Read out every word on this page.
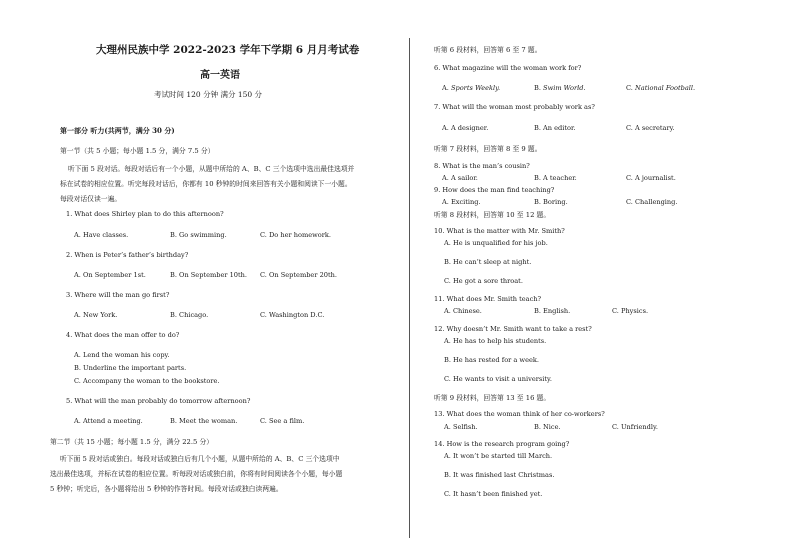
大理州民族中学 2022-2023 学年下学期 6 月月考试卷
高一英语
考试时间 120 分钟 满分 150 分
第一部分 听力(共两节，满分 30 分)
第一节（共 5 小题；每小题 1.5 分，满分 7.5 分）
听下面 5 段对话。每段对话后有一个小题，从题中所给的 A、B、C 三个选项中选出最佳选项并
标在试卷的相应位置。听完每段对话后，你都有 10 秒钟的时间来回答有关小题和阅读下一小题。
每段对话仅读一遍。
1. What does Shirley plan to do this afternoon?
A. Have classes.	B. Go swimming.	C. Do her homework.
2. When is Peter’s father’s birthday?
A. On September 1st.	B. On September 10th. C. On September 20th.
3. Where will the man go first?
A. New York.	B. Chicago.	C. Washington D.C.
4. What does the man offer to do?
A. Lend the woman his copy.
B. Underline the important parts.
C. Accompany the woman to the bookstore.
5. What will the man probably do tomorrow afternoon?
A. Attend a meeting.	B. Meet the woman.	C. See a film.
第二节（共 15 小题；每小题 1.5 分，满分 22.5 分）
听下面 5 段对话或独白。每段对话或独白后有几个小题，从题中所给的 A、B、C 三个选项中
选出最佳选项，并标在试卷的相应位置。听每段对话或独白前，你将有时间阅读各个小题，每小题
5 秒钟；听完后，各小题将给出 5 秒钟的作答时间。每段对话或独白读两遍。
听第 6 段材料，回答第 6 至 7 题。
6. What magazine will the woman work for?
A. Sports Weekly.	B. Swim World.	C. National Football.
7. What will the woman most probably work as?
A. A designer.	B. An editor.	C. A secretary.
听第 7 段材料，回答第 8 至 9 题。
8. What is the man’s cousin?
A. A sailor.	B. A teacher.	C. A journalist.
9. How does the man find teaching?
A. Exciting.	B. Boring.	C. Challenging.
听第 8 段材料，回答第 10 至 12 题。
10. What is the matter with Mr. Smith?
A. He is unqualified for his job.
B. He can’t sleep at night.
C. He got a sore throat.
11. What does Mr. Smith teach?
A. Chinese.	B. English.	C. Physics.
12. Why doesn’t Mr. Smith want to take a rest?
A. He has to help his students.
B. He has rested for a week.
C. He wants to visit a university.
听第 9 段材料，回答第 13 至 16 题。
13. What does the woman think of her co-workers?
A. Selfish.	B. Nice.	C. Unfriendly.
14. How is the research program going?
A. It won’t be started till March.
B. It was finished last Christmas.
C. It hasn’t been finished yet.
